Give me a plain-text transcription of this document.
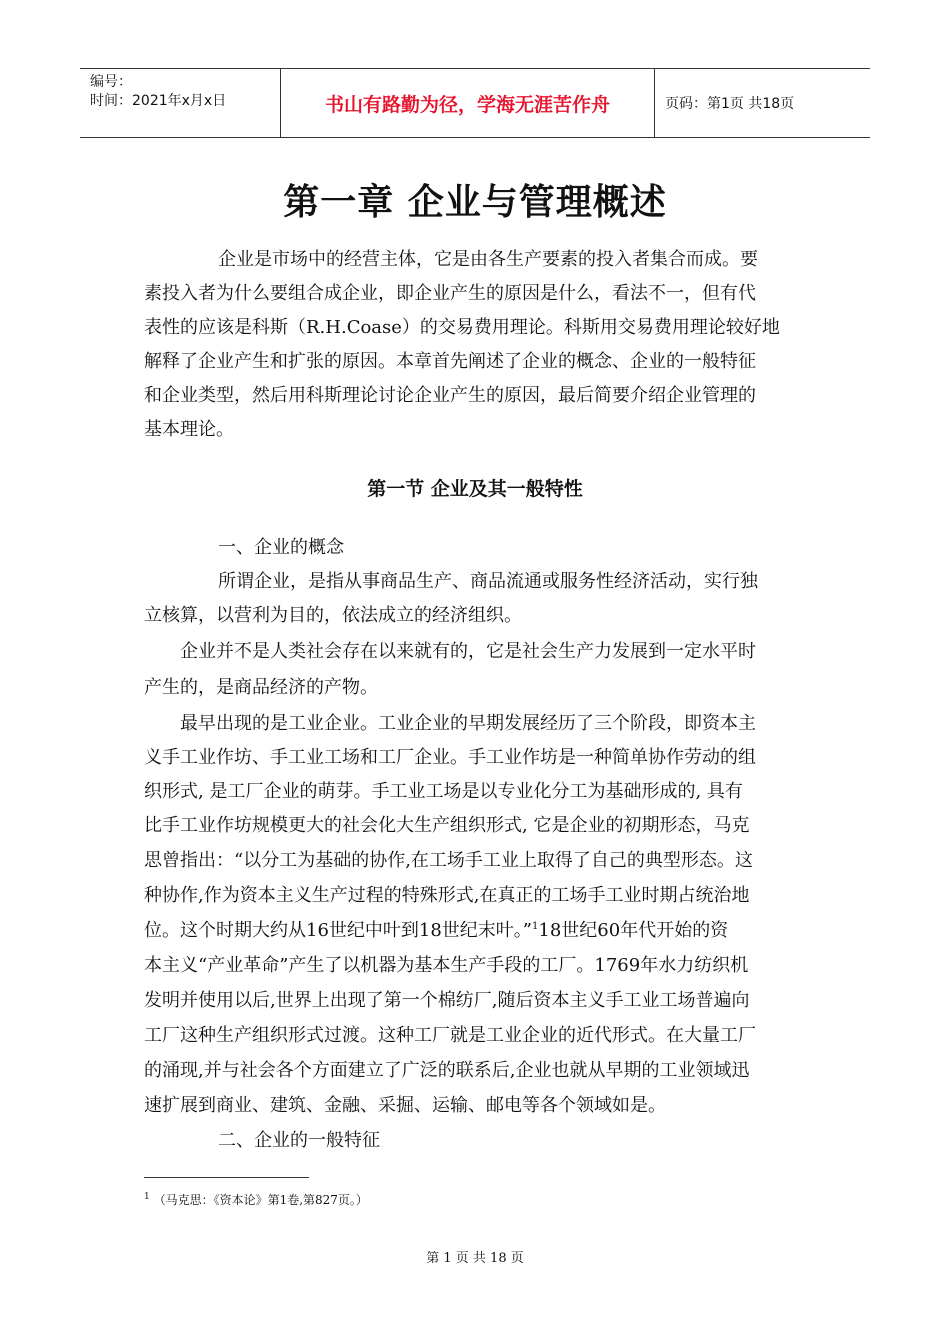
编号：
时间：2021年x月x日	书山有路勤为径，学海无涯苦作舟	页码：第1页 共18页
第一章 企业与管理概述
企业是市场中的经营主体，它是由各生产要素的投入者集合而成。要
素投入者为什么要组合成企业，即企业产生的原因是什么，看法不一，但有代
表性的应该是科斯（R.H.Coase）的交易费用理论。科斯用交易费用理论较好地
解释了企业产生和扩张的原因。本章首先阐述了企业的概念、企业的一般特征
和企业类型，然后用科斯理论讨论企业产生的原因，最后简要介绍企业管理的
基本理论。
第一节 企业及其一般特性
一、企业的概念
所谓企业，是指从事商品生产、商品流通或服务性经济活动，实行独
立核算，以营利为目的，依法成立的经济组织。
企业并不是人类社会存在以来就有的，它是社会生产力发展到一定水平时
产生的，是商品经济的产物。
最早出现的是工业企业。工业企业的早期发展经历了三个阶段，即资本主
义手工业作坊、手工业工场和工厂企业。手工业作坊是一种简单协作劳动的组
织形式, 是工厂企业的萌芽。手工业工场是以专业化分工为基础形成的, 具有
比手工业作坊规模更大的社会化大生产组织形式, 它是企业的初期形态，马克
思曾指出：“以分工为基础的协作,在工场手工业上取得了自己的典型形态。这
种协作,作为资本主义生产过程的特殊形式,在真正的工场手工业时期占统治地
位。这个时期大约从16世纪中叶到18世纪末叶。”$^1$18世纪60年代开始的资
本主义“产业革命”产生了以机器为基本生产手段的工厂。1769年水力纺织机
发明并使用以后,世界上出现了第一个棉纺厂,随后资本主义手工业工场普遍向
工厂这种生产组织形式过渡。这种工厂就是工业企业的近代形式。在大量工厂
的涌现,并与社会各个方面建立了广泛的联系后,企业也就从早期的工业领域迅
速扩展到商业、建筑、金融、采掘、运输、邮电等各个领域如是。
二、企业的一般特征
$^1$ （马克思：《资本论》第1卷,第827页。）
第 1 页 共 18 页
